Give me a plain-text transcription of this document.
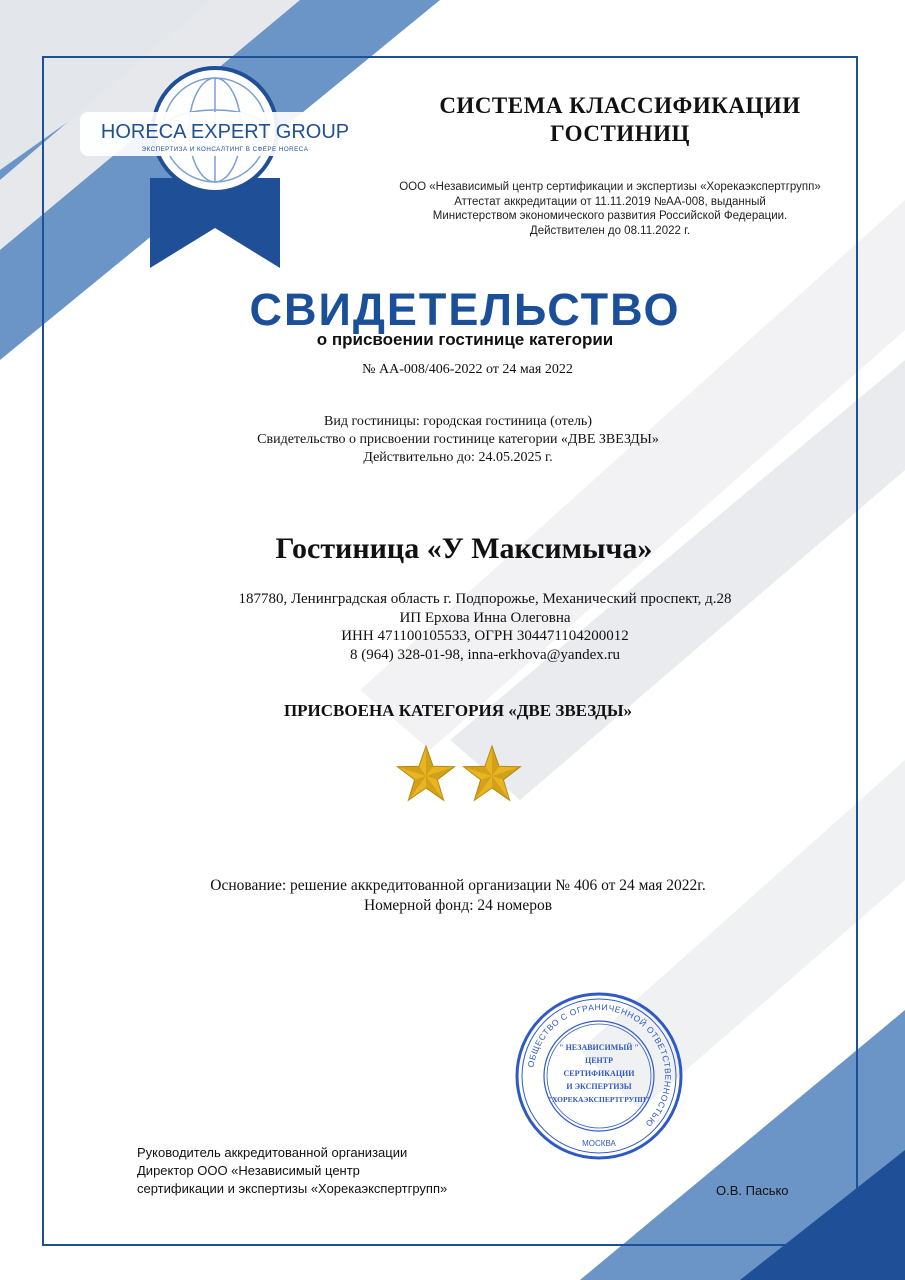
HORECA EXPERT GROUP
ЭКСПЕРТИЗА И КОНСАЛТИНГ В СФЕРЕ HORECA
СИСТЕМА КЛАССИФИКАЦИИ
ГОСТИНИЦ
ООО «Независимый центр сертификации и экспертизы «Хорекаэкспертгрупп»
Аттестат аккредитации от 11.11.2019 №АА-008, выданный
Министерством экономического развития Российской Федерации.
Действителен до 08.11.2022 г.
СВИДЕТЕЛЬСТВО
о присвоении гостинице категории
№ АА-008/406-2022 от 24 мая 2022
Вид гостиницы: городская гостиница (отель)
Свидетельство о присвоении гостинице категории «ДВЕ ЗВЕЗДЫ»
Действительно до: 24.05.2025 г.
Гостиница «У Максимыча»
187780, Ленинградская область г. Подпорожье, Механический проспект, д.28
ИП Ерхова Инна Олеговна
ИНН 471100105533, ОГРН 304471104200012
8 (964) 328-01-98, inna-erkhova@yandex.ru
ПРИСВОЕНА КАТЕГОРИЯ «ДВЕ ЗВЕЗДЫ»
Основание: решение аккредитованной организации № 406 от 24 мая 2022г.
Номерной фонд: 24 номеров
ОБЩЕСТВО С ОГРАНИЧЕННОЙ ОТВЕТСТВЕННОСТЬЮ
МОСКВА
" НЕЗАВИСИМЫЙ "
ЦЕНТР
СЕРТИФИКАЦИИ
И ЭКСПЕРТИЗЫ
"ХОРЕКАЭКСПЕРТГРУПП"
Руководитель аккредитованной организации
Директор ООО «Независимый центр
сертификации и экспертизы «Хорекаэкспертгрупп»	О.В. Пасько
